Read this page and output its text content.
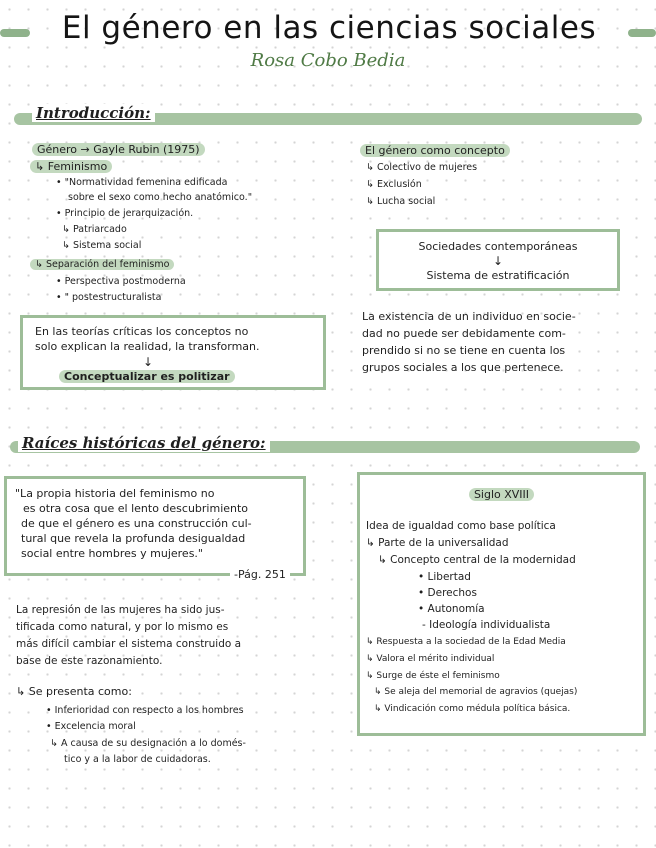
El género en las ciencias sociales
Rosa Cobo Bedia
Introducción:
Género → Gayle Rubin (1975)
↳ Feminismo
• "Normatividad femenina edificada
sobre el sexo como hecho anatómico."
• Principio de jerarquización.
↳ Patriarcado
↳ Sistema social
↳ Separación del feminismo
• Perspectiva postmoderna
• " postestructuralista
En las teorías críticas los conceptos no
solo explican la realidad, la transforman.
↓
Conceptualizar es politizar
El género como concepto
↳ Colectivo de mujeres
↳ Exclusión
↳ Lucha social
Sociedades contemporáneas
↓
Sistema de estratificación
La existencia de un individuo en socie-
dad no puede ser debidamente com-
prendido si no se tiene en cuenta los
grupos sociales a los que pertenece.
Raíces históricas del género:
"La propia historia del feminismo no
es otra cosa que el lento descubrimiento
de que el género es una construcción cul-
tural que revela la profunda desigualdad
social entre hombres y mujeres."
-Pág. 251
La represión de las mujeres ha sido jus-
tificada como natural, y por lo mismo es
más difícil cambiar el sistema construido a
base de este razonamiento.
↳ Se presenta como:
• Inferioridad con respecto a los hombres
• Excelencia moral
↳ A causa de su designación a lo domés-
tico y a la labor de cuidadoras.
Siglo XVIII
Idea de igualdad como base política
↳ Parte de la universalidad
↳ Concepto central de la modernidad
• Libertad
• Derechos
• Autonomía
- Ideología individualista
↳ Respuesta a la sociedad de la Edad Media
↳ Valora el mérito individual
↳ Surge de éste el feminismo
↳ Se aleja del memorial de agravios (quejas)
↳ Vindicación como médula política básica.
